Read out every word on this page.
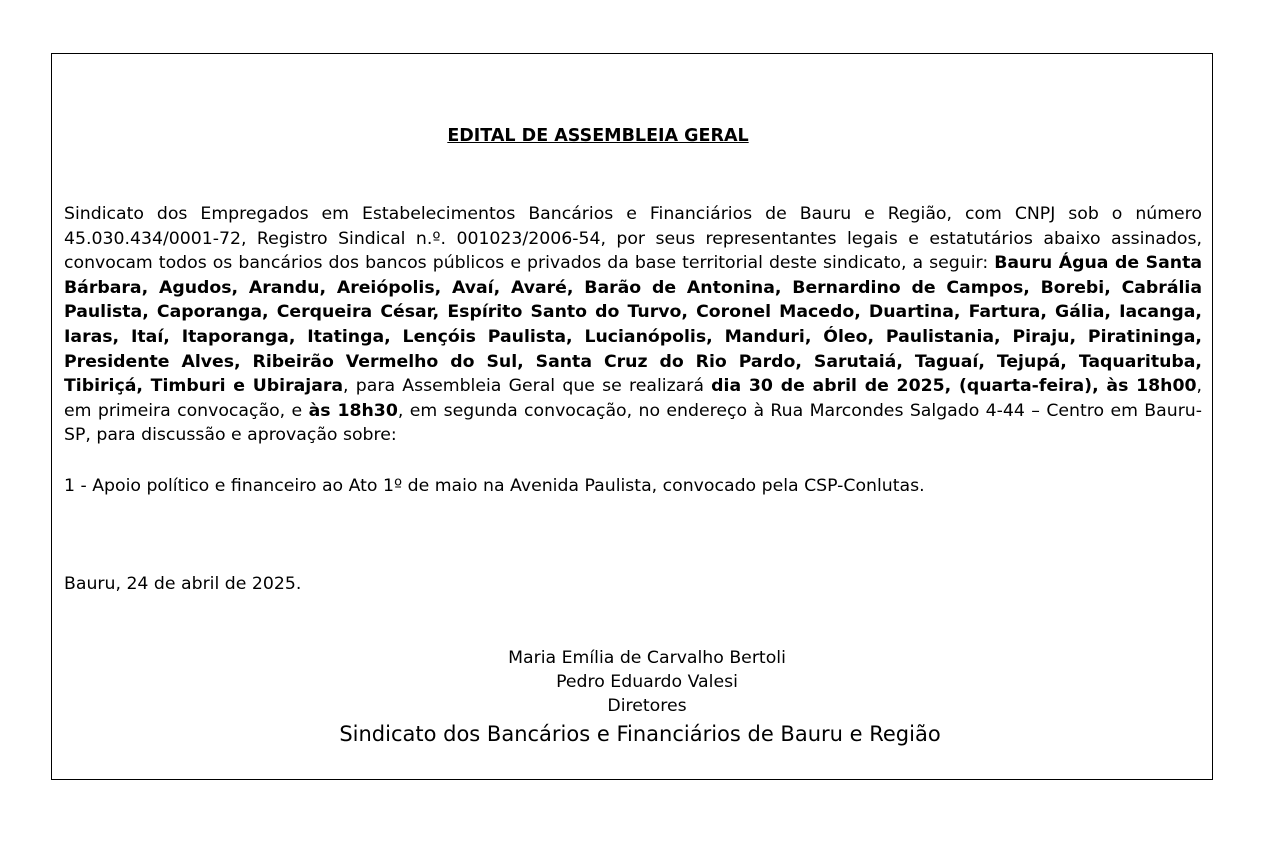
EDITAL DE ASSEMBLEIA GERAL

Sindicato dos Empregados em Estabelecimentos Bancários e Financiários de Bauru e Região, com CNPJ sob o número 45.030.434/0001-72, Registro Sindical n.º. 001023/2006-54, por seus representantes legais e estatutários abaixo assinados, convocam todos os bancários dos bancos públicos e privados da base territorial deste sindicato, a seguir: Bauru Água de Santa Bárbara, Agudos, Arandu, Areiópolis, Avaí, Avaré, Barão de Antonina, Bernardino de Campos, Borebi, Cabrália Paulista, Caporanga, Cerqueira César, Espírito Santo do Turvo, Coronel Macedo, Duartina, Fartura, Gália, Iacanga, Iaras, Itaí, Itaporanga, Itatinga, Lençóis Paulista, Lucianópolis, Manduri, Óleo, Paulistania, Piraju, Piratininga, Presidente Alves, Ribeirão Vermelho do Sul, Santa Cruz do Rio Pardo, Sarutaiá, Taguaí, Tejupá, Taquarituba, Tibiriçá, Timburi e Ubirajara, para Assembleia Geral que se realizará dia 30 de abril de 2025, (quarta-feira), às 18h00, em primeira convocação, e às 18h30, em segunda convocação, no endereço à Rua Marcondes Salgado 4-44 – Centro em Bauru- SP, para discussão e aprovação sobre:

1 - Apoio político e financeiro ao Ato 1º de maio na Avenida Paulista, convocado pela CSP-Conlutas.

Bauru, 24 de abril de 2025.

Maria Emília de Carvalho Bertoli

Pedro Eduardo Valesi

Diretores

Sindicato dos Bancários e Financiários de Bauru e Região
